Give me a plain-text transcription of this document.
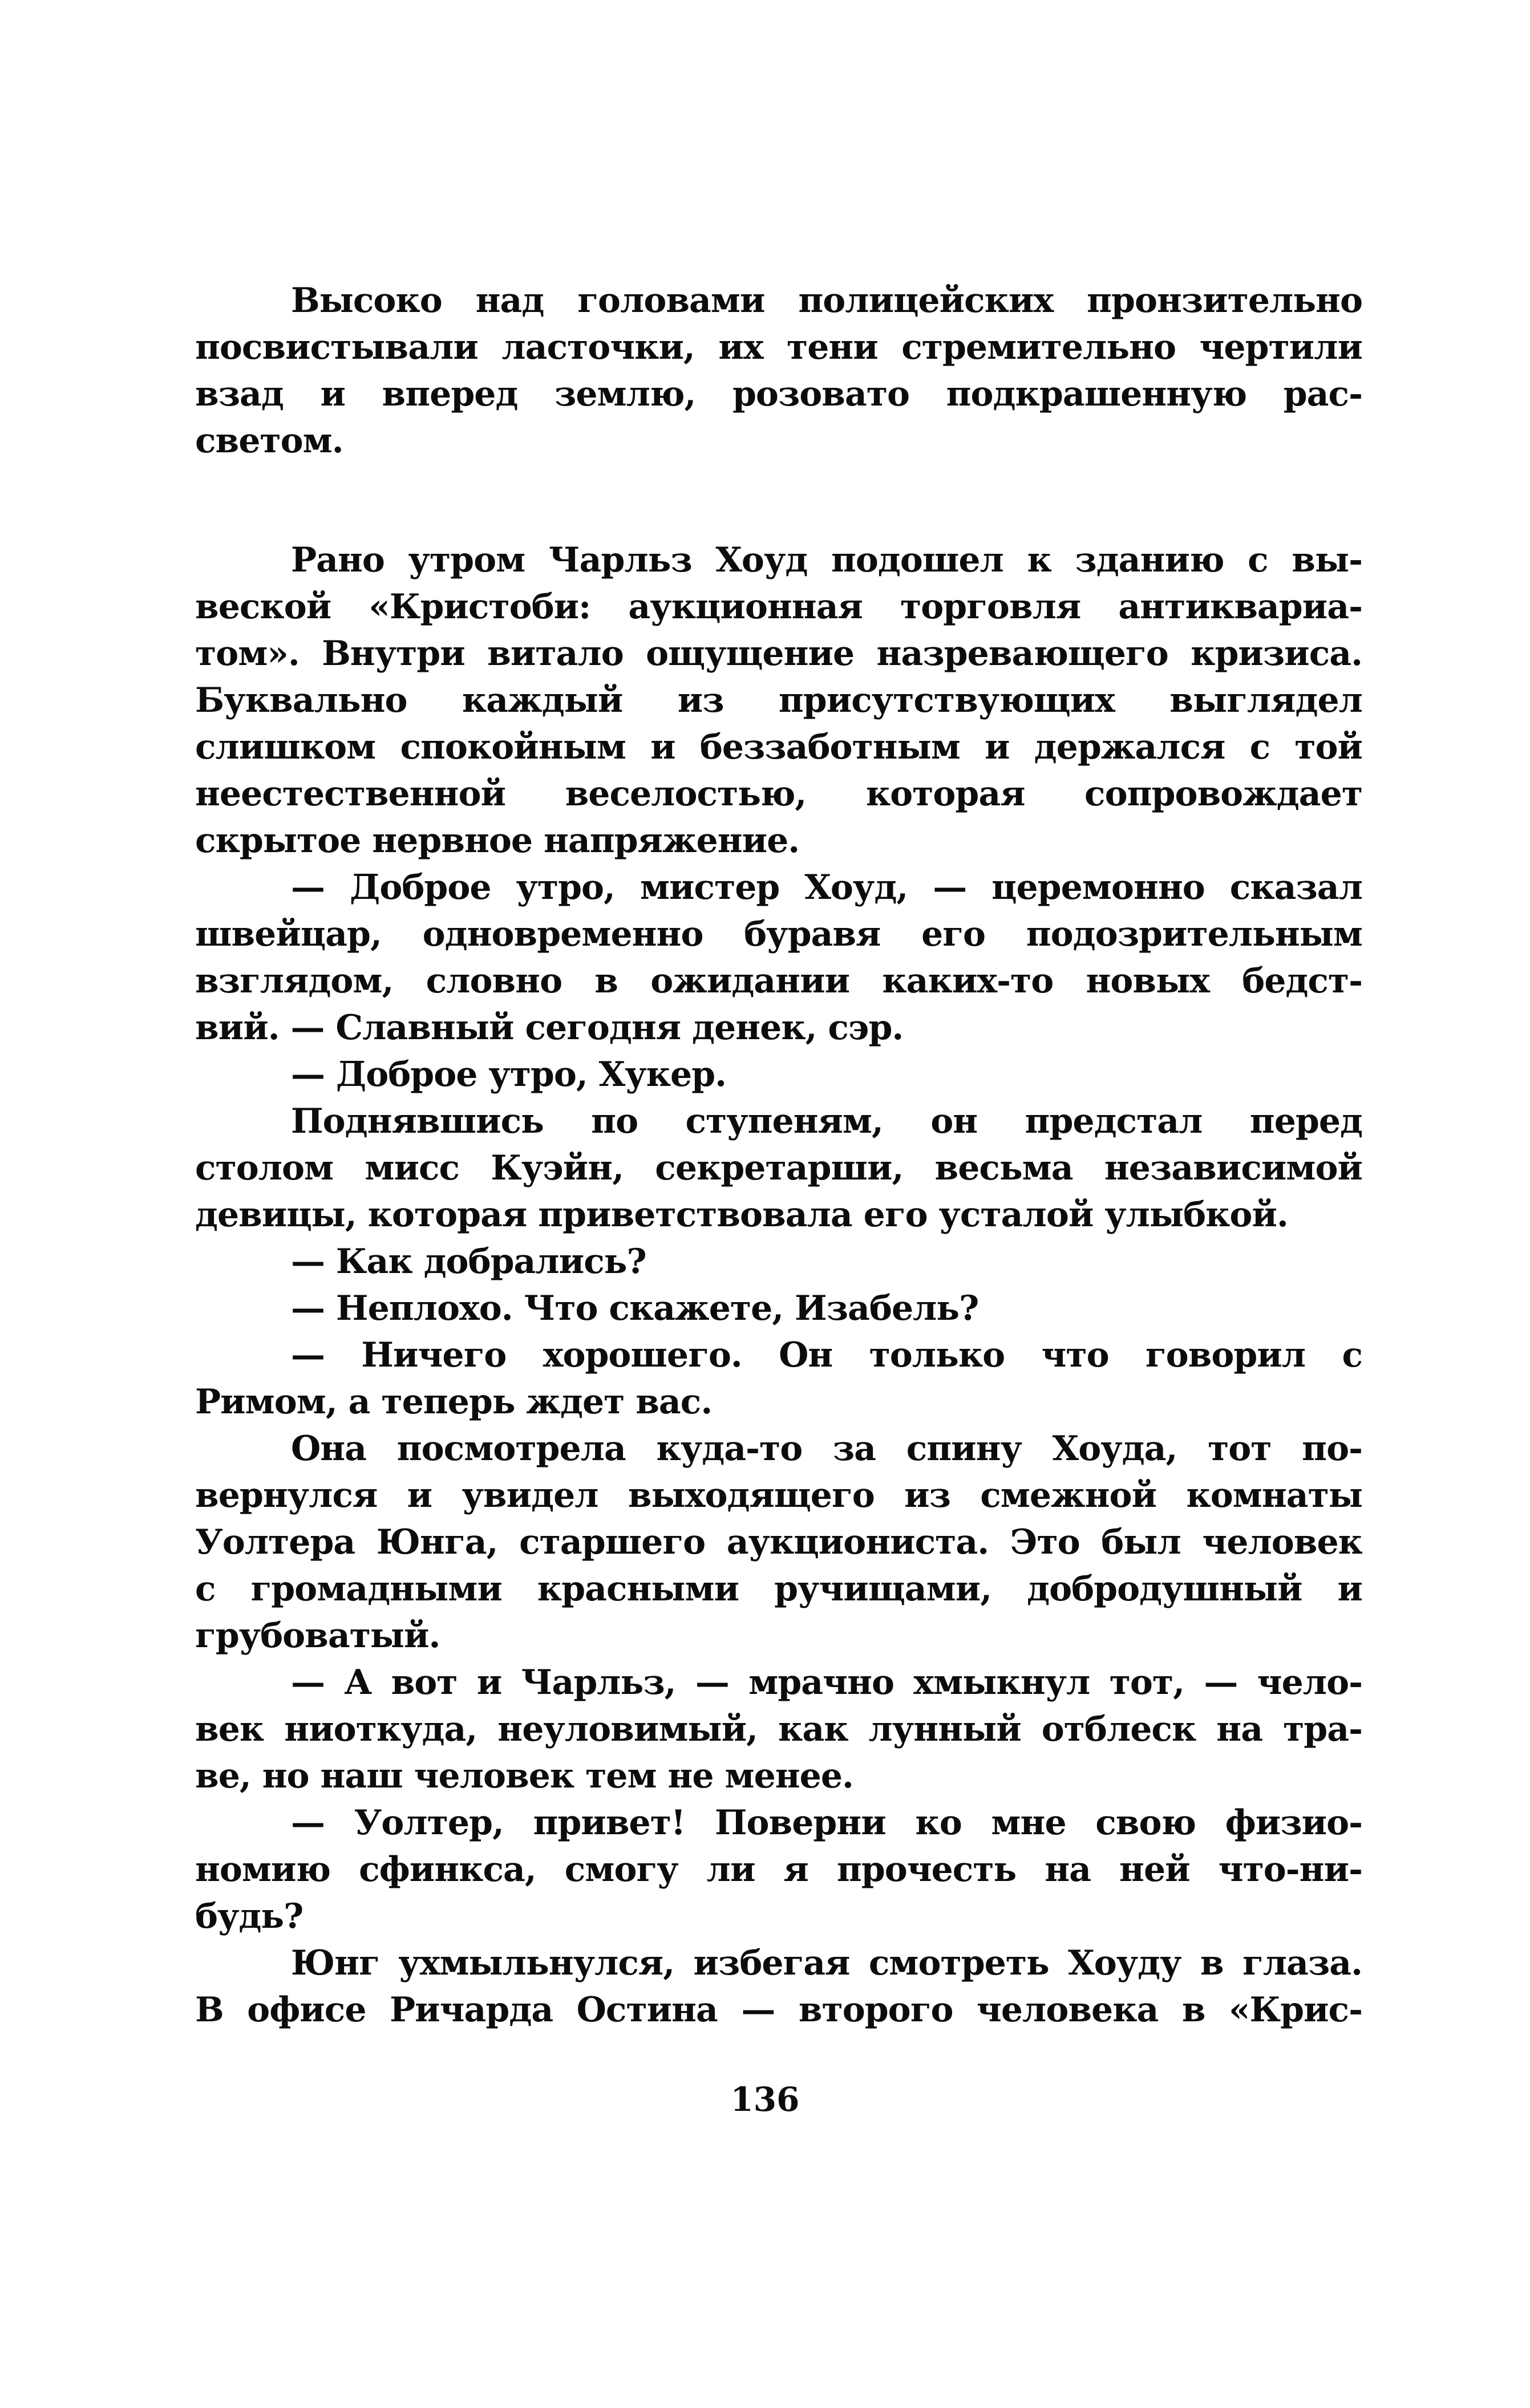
Высоко над головами полицейских пронзительно
посвистывали ласточки, их тени стремительно чертили
взад и вперед землю, розовато подкрашенную рас-
светом.
Рано утром Чарльз Хоуд подошел к зданию с вы-
веской «Кристоби: аукционная торговля антиквариа-
том». Внутри витало ощущение назревающего кризиса.
Буквально каждый из присутствующих выглядел
слишком спокойным и беззаботным и держался с той
неестественной веселостью, которая сопровождает
скрытое нервное напряжение.
— Доброе утро, мистер Хоуд, — церемонно сказал
швейцар, одновременно буравя его подозрительным
взглядом, словно в ожидании каких-то новых бедст-
вий. — Славный сегодня денек, сэр.
— Доброе утро, Хукер.
Поднявшись по ступеням, он предстал перед
столом мисс Куэйн, секретарши, весьма независимой
девицы, которая приветствовала его усталой улыбкой.
— Как добрались?
— Неплохо. Что скажете, Изабель?
— Ничего хорошего. Он только что говорил с
Римом, а теперь ждет вас.
Она посмотрела куда-то за спину Хоуда, тот по-
вернулся и увидел выходящего из смежной комнаты
Уолтера Юнга, старшего аукциониста. Это был человек
с громадными красными ручищами, добродушный и
грубоватый.
— А вот и Чарльз, — мрачно хмыкнул тот, — чело-
век ниоткуда, неуловимый, как лунный отблеск на тра-
ве, но наш человек тем не менее.
— Уолтер, привет! Поверни ко мне свою физио-
номию сфинкса, смогу ли я прочесть на ней что-ни-
будь?
Юнг ухмыльнулся, избегая смотреть Хоуду в глаза.
В офисе Ричарда Остина — второго человека в «Крис-
136
